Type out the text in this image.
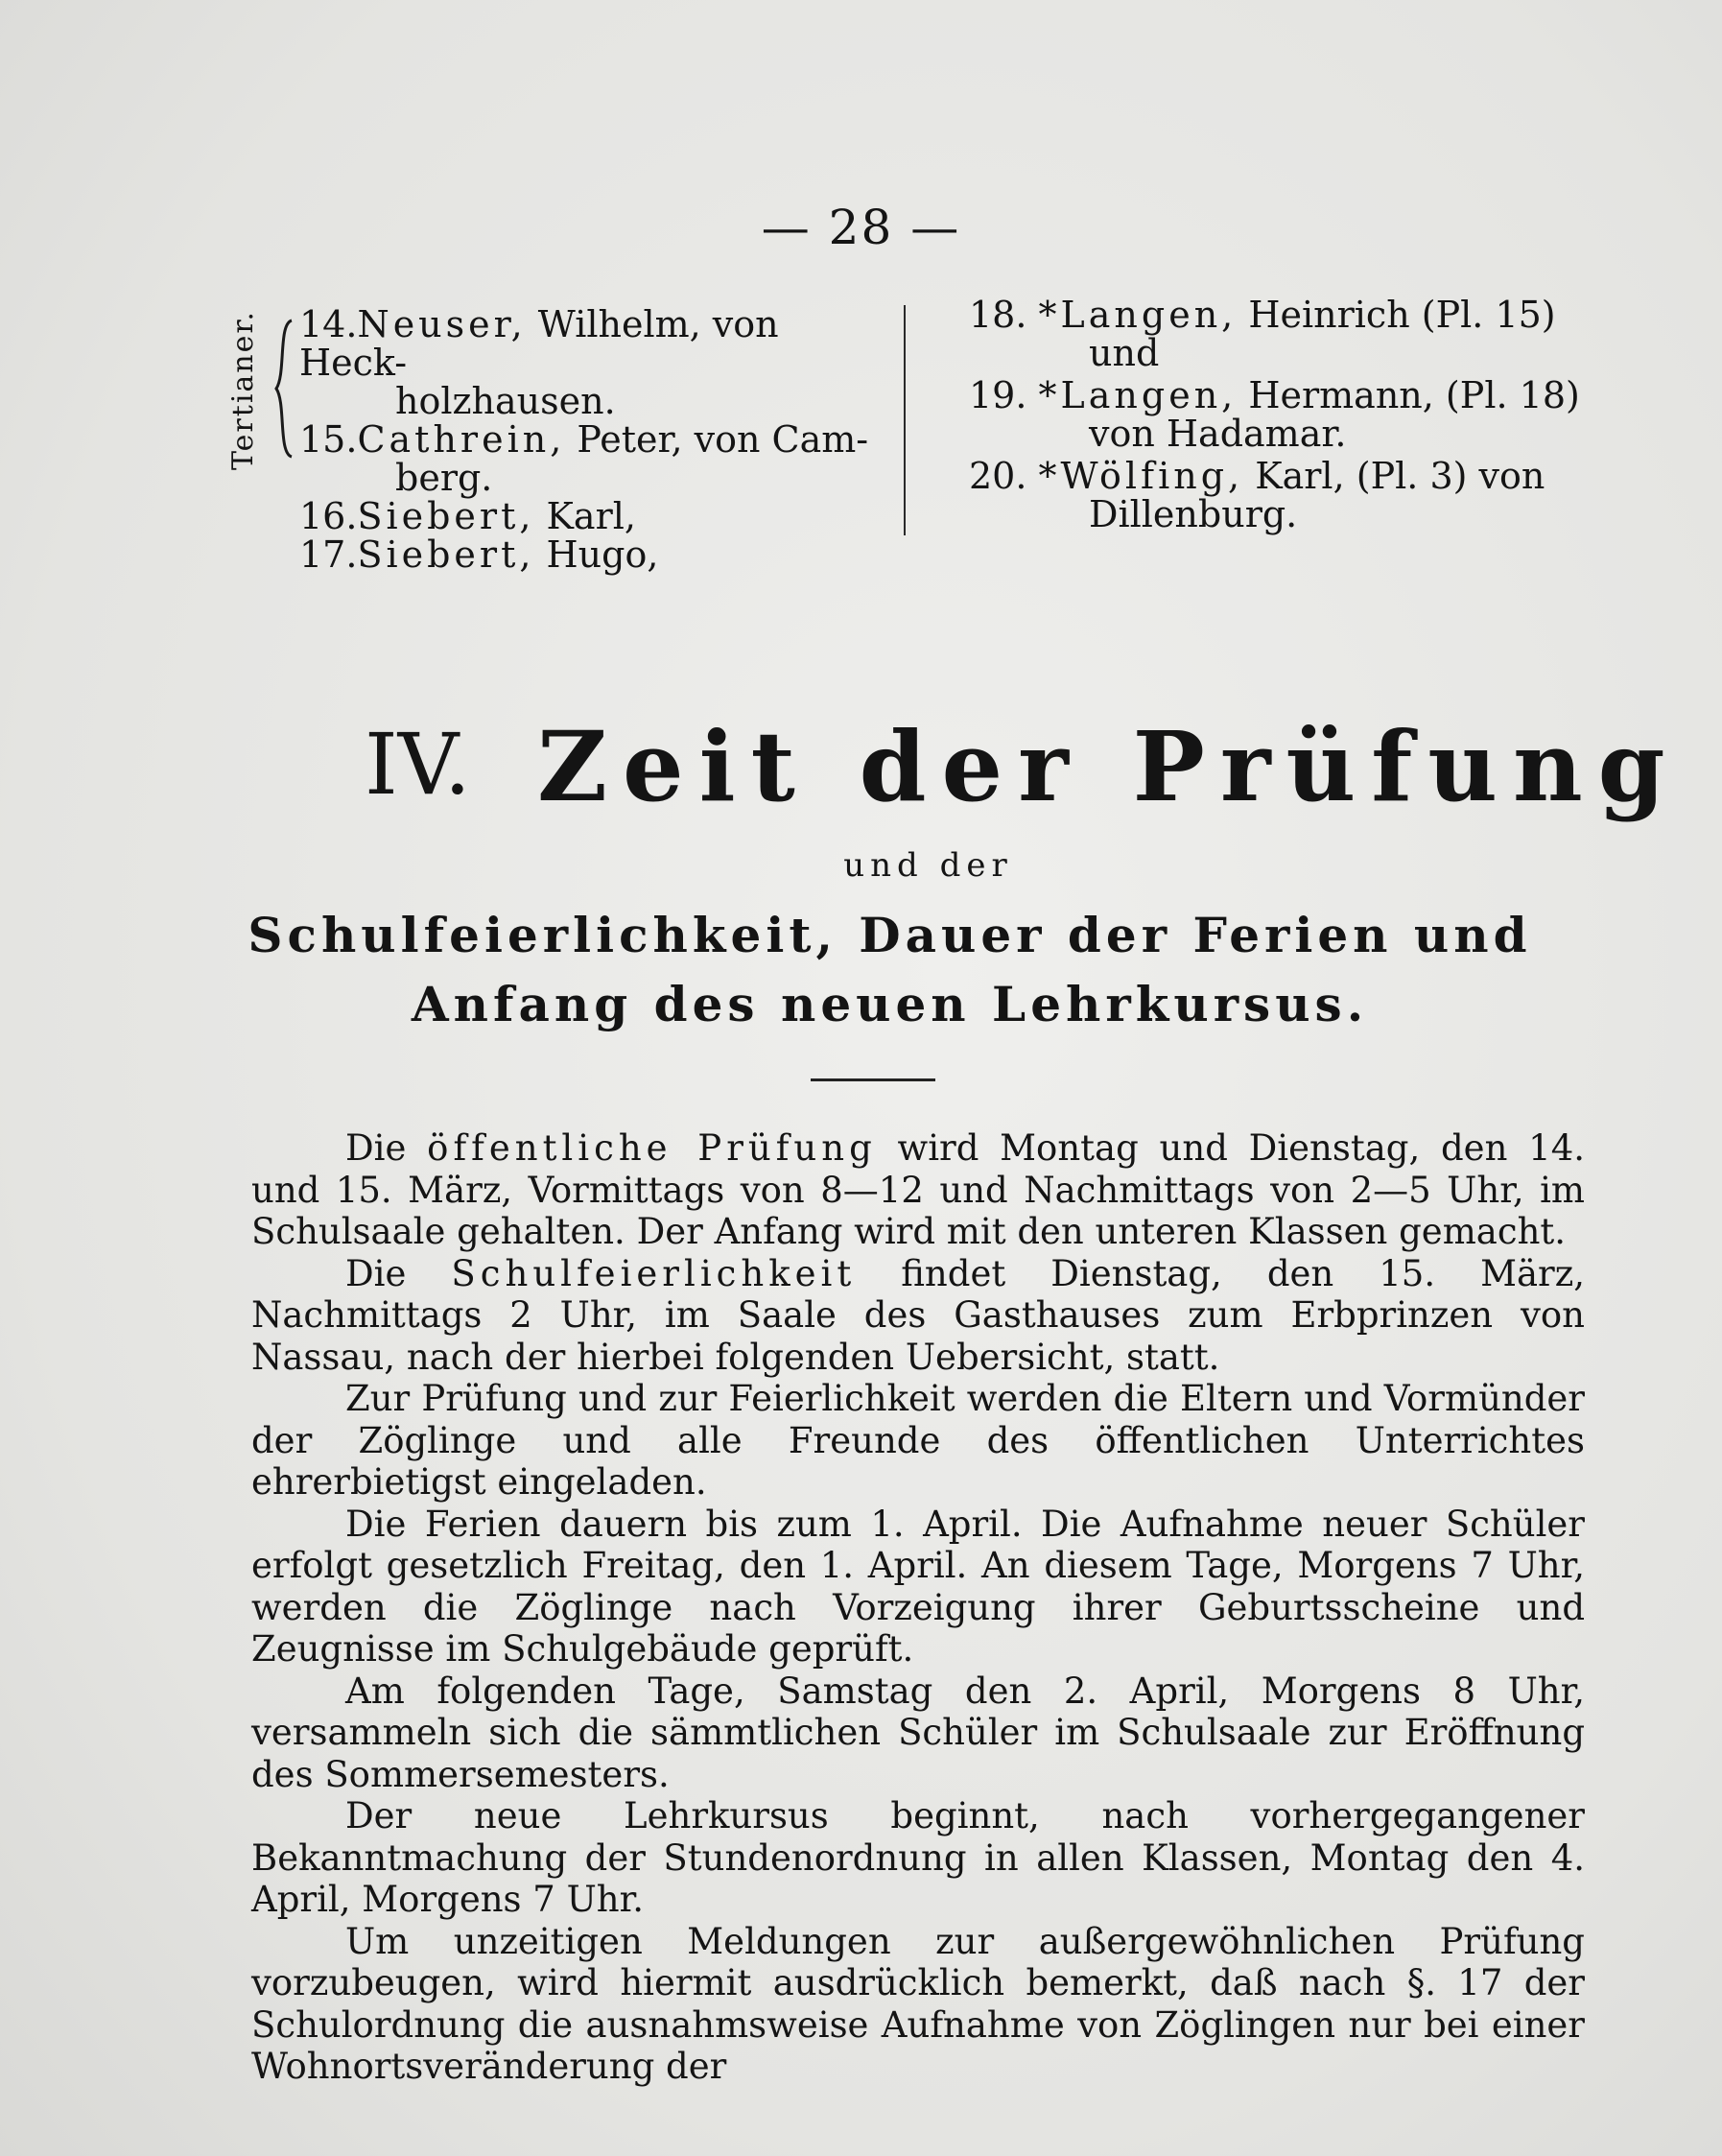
— 28 —
Tertianer. 14.Neuser, Wilhelm, von Heck-
holzhausen.
15.Cathrein, Peter, von Cam-
berg.
16.Siebert, Karl,
17.Siebert, Hugo,
18. *Langen, Heinrich (Pl. 15)
und
19. *Langen, Hermann, (Pl. 18)
von Hadamar.
20. *Wölfing, Karl, (Pl. 3) von
Dillenburg.
IV. Zeit der Prüfung
und der
Schulfeierlichkeit, Dauer der Ferien und
Anfang des neuen Lehrkursus.

Die öffentliche Prüfung wird Montag und Dienstag, den 14. und 15. März, Vormittags von 8—12 und Nachmittags von 2—5 Uhr, im Schulsaale gehalten. Der Anfang wird mit den unteren Klassen gemacht.

Die Schulfeierlichkeit findet Dienstag, den 15. März, Nachmittags 2 Uhr, im Saale des Gasthauses zum Erbprinzen von Nassau, nach der hierbei folgenden Uebersicht, statt.

Zur Prüfung und zur Feierlichkeit werden die Eltern und Vormünder der Zöglinge und alle Freunde des öffentlichen Unterrichtes ehrerbietigst eingeladen.

Die Ferien dauern bis zum 1. April. Die Aufnahme neuer Schüler erfolgt gesetzlich Freitag, den 1. April. An diesem Tage, Morgens 7 Uhr, werden die Zöglinge nach Vorzeigung ihrer Geburtsscheine und Zeugnisse im Schulgebäude geprüft.

Am folgenden Tage, Samstag den 2. April, Morgens 8 Uhr, versammeln sich die sämmtlichen Schüler im Schulsaale zur Eröffnung des Sommersemesters.

Der neue Lehrkursus beginnt, nach vorhergegangener Bekanntmachung der Stundenordnung in allen Klassen, Montag den 4. April, Morgens 7 Uhr.

Um unzeitigen Meldungen zur außergewöhnlichen Prüfung vorzubeugen, wird hiermit ausdrücklich bemerkt, daß nach §. 17 der Schulordnung die ausnahmsweise Aufnahme von Zöglingen nur bei einer Wohnortsveränderung der
